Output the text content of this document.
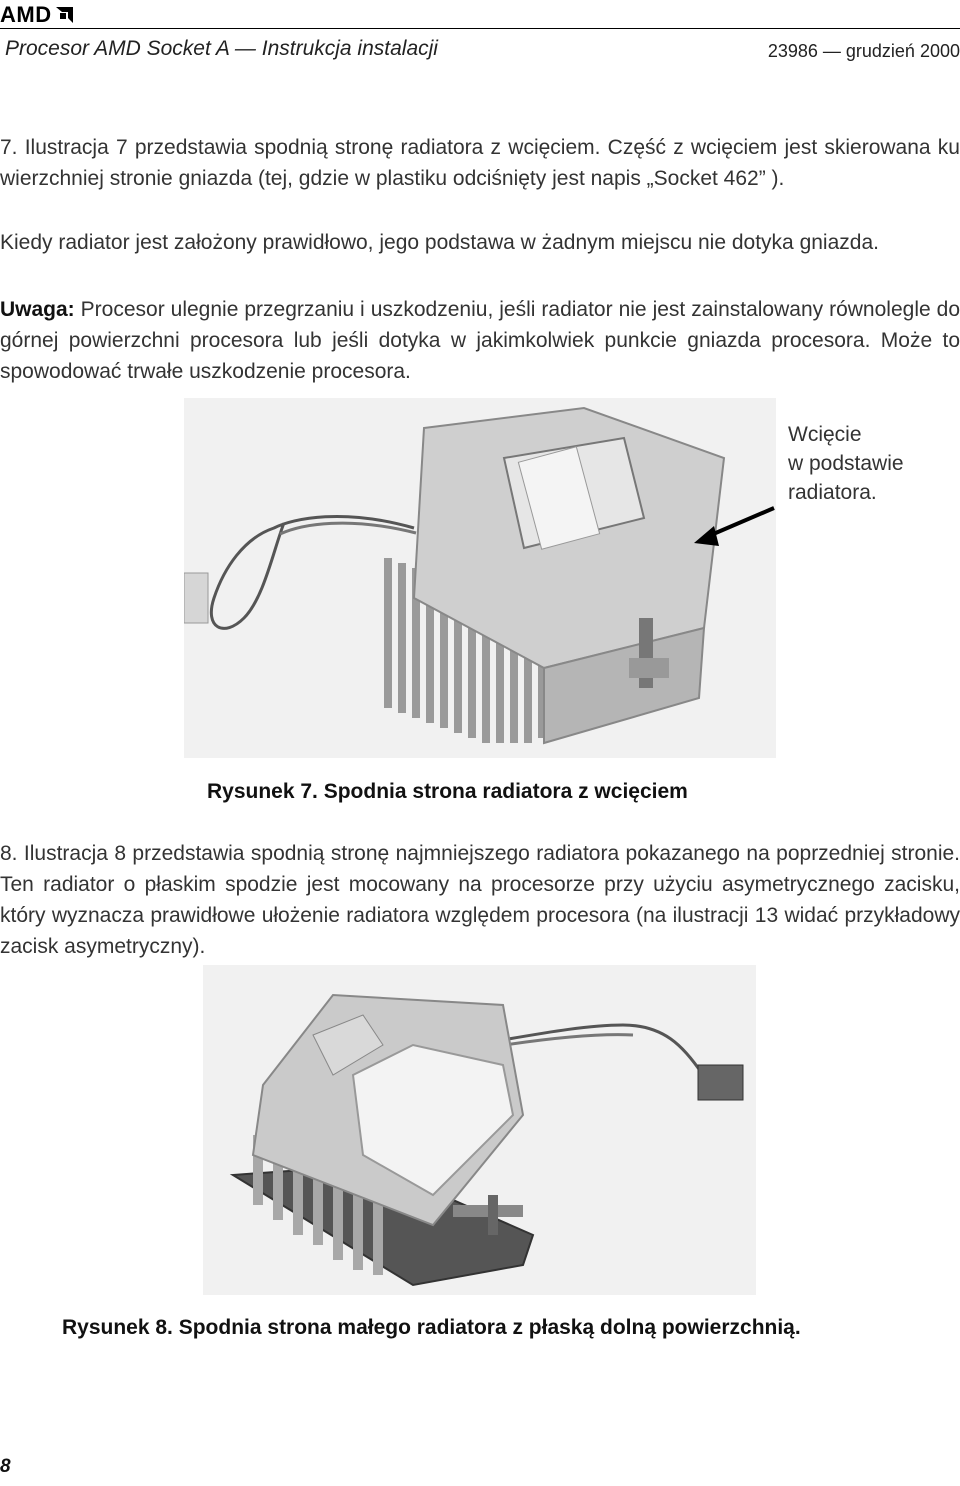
AMD
Procesor AMD Socket A — Instrukcja instalacji	23986 — grudzień 2000
7. Ilustracja 7 przedstawia spodnią stronę radiatora z wcięciem. Część z wcięciem jest skierowana ku wierzchniej stronie gniazda (tej, gdzie w plastiku odciśnięty jest napis „Socket 462” ).
Kiedy radiator jest założony prawidłowo, jego podstawa w żadnym miejscu nie dotyka gniazda.
Uwaga: Procesor ulegnie przegrzaniu i uszkodzeniu, jeśli radiator nie jest zainstalowany równolegle do górnej powierzchni procesora lub jeśli dotyka w jakimkolwiek punkcie gniazda procesora. Może to spowodować trwałe uszkodzenie procesora.
Wcięcie
w podstawie
radiatora.
Rysunek 7. Spodnia strona radiatora z wcięciem
8. Ilustracja 8 przedstawia spodnią stronę najmniejszego radiatora pokazanego na poprzedniej stronie. Ten radiator o płaskim spodzie jest mocowany na procesorze przy użyciu asymetrycznego zacisku, który wyznacza prawidłowe ułożenie radiatora względem procesora (na ilustracji 13 widać przykładowy zacisk asymetryczny).
Rysunek 8. Spodnia strona małego radiatora z płaską dolną powierzchnią.
8
